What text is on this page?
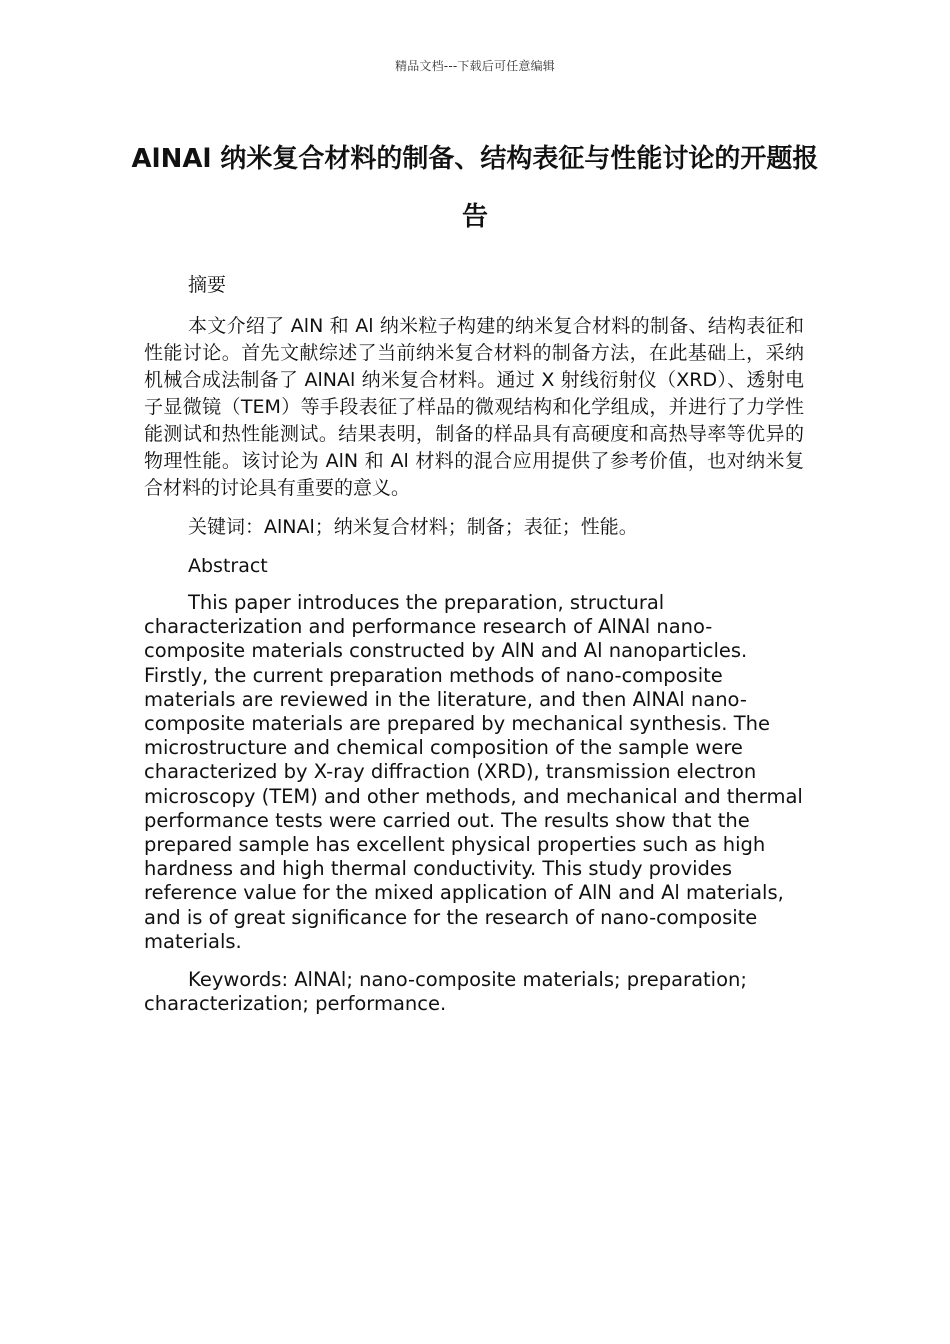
精品文档---下载后可任意编辑
AlNAl 纳米复合材料的制备、结构表征与性能讨论的开题报告

摘要

本文介绍了 AlN 和 Al 纳米粒子构建的纳米复合材料的制备、结构表征和性能讨论。首先文献综述了当前纳米复合材料的制备方法，在此基础上，采纳机械合成法制备了 AlNAl 纳米复合材料。通过 X 射线衍射仪（XRD）、透射电子显微镜（TEM）等手段表征了样品的微观结构和化学组成，并进行了力学性能测试和热性能测试。结果表明，制备的样品具有高硬度和高热导率等优异的物理性能。该讨论为 AlN 和 Al 材料的混合应用提供了参考价值，也对纳米复合材料的讨论具有重要的意义。

关键词：AlNAl；纳米复合材料；制备；表征；性能。

Abstract

This paper introduces the preparation, structural characterization and performance research of AlNAl nano-composite materials constructed by AlN and Al nanoparticles. Firstly, the current preparation methods of nano-composite materials are reviewed in the literature, and then AlNAl nano-composite materials are prepared by mechanical synthesis. The microstructure and chemical composition of the sample were characterized by X-ray diffraction (XRD), transmission electron microscopy (TEM) and other methods, and mechanical and thermal performance tests were carried out. The results show that the prepared sample has excellent physical properties such as high hardness and high thermal conductivity. This study provides reference value for the mixed application of AlN and Al materials, and is of great significance for the research of nano-composite materials.

Keywords: AlNAl; nano-composite materials; preparation; characterization; performance.
